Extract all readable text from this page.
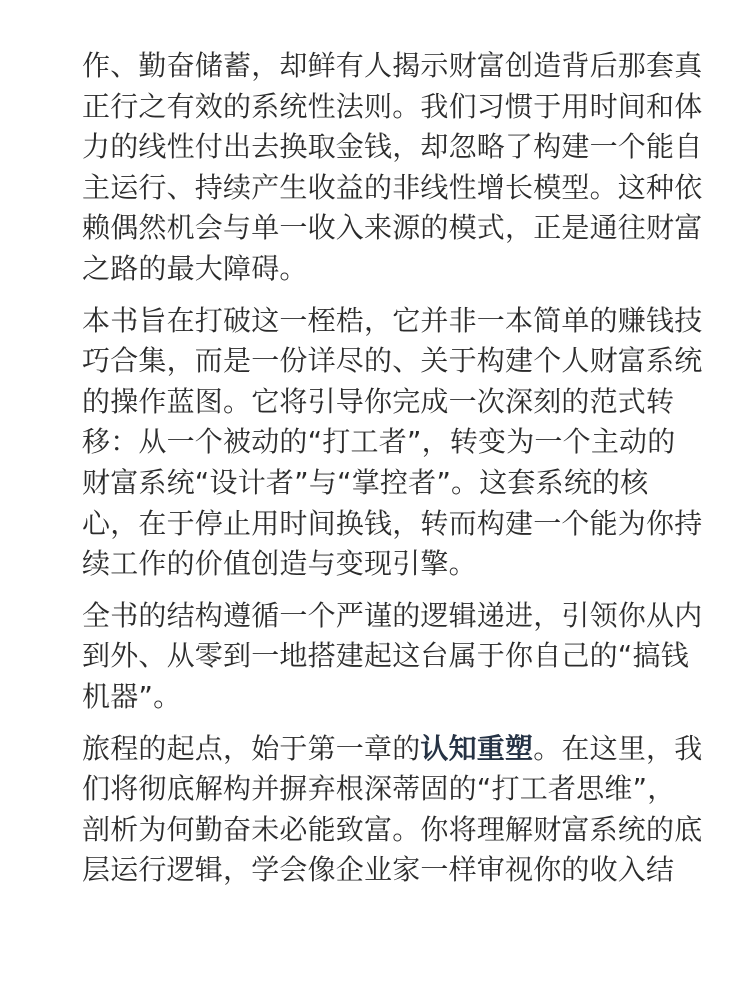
作、勤奋储蓄，却鲜有人揭示财富创造背后那套真
正行之有效的系统性法则。我们习惯于用时间和体
力的线性付出去换取金钱，却忽略了构建一个能自
主运行、持续产生收益的非线性增长模型。这种依
赖偶然机会与单一收入来源的模式，正是通往财富
之路的最大障碍。
本书旨在打破这一桎梏，它并非一本简单的赚钱技
巧合集，而是一份详尽的、关于构建个人财富系统
的操作蓝图。它将引导你完成一次深刻的范式转
移：从一个被动的“打工者”，转变为一个主动的
财富系统“设计者”与“掌控者”。这套系统的核
心，在于停止用时间换钱，转而构建一个能为你持
续工作的价值创造与变现引擎。
全书的结构遵循一个严谨的逻辑递进，引领你从内
到外、从零到一地搭建起这台属于你自己的“搞钱
机器”。
旅程的起点，始于第一章的认知重塑。在这里，我
们将彻底解构并摒弃根深蒂固的“打工者思维”，
剖析为何勤奋未必能致富。你将理解财富系统的底
层运行逻辑，学会像企业家一样审视你的收入结
